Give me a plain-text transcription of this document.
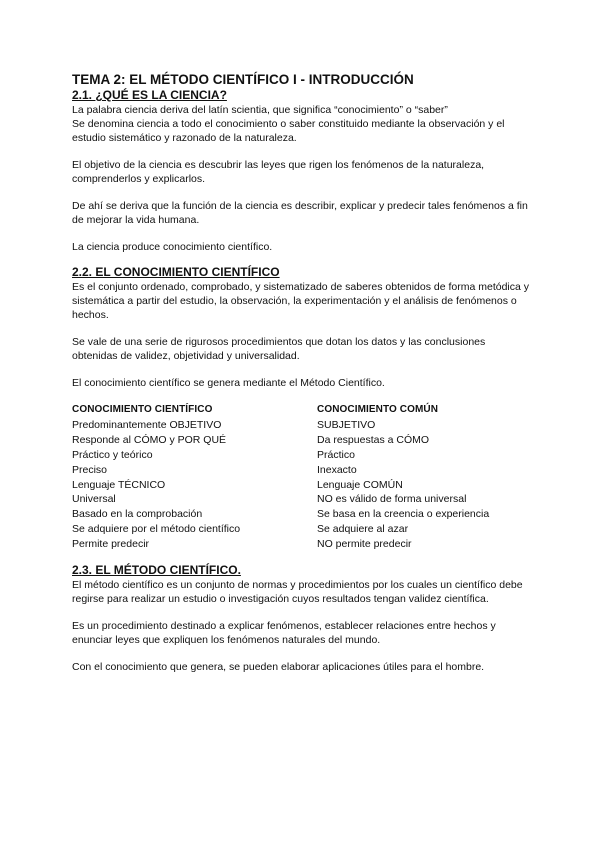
TEMA 2: EL MÉTODO CIENTÍFICO I - INTRODUCCIÓN
2.1. ¿QUÉ ES LA CIENCIA?

La palabra ciencia deriva del latín scientia, que significa “conocimiento” o “saber”

Se denomina ciencia a todo el conocimiento o saber constituido mediante la observación y el estudio sistemático y razonado de la naturaleza.

El objetivo de la ciencia es descubrir las leyes que rigen los fenómenos de la naturaleza, comprenderlos y explicarlos.

De ahí se deriva que la función de la ciencia es describir, explicar y predecir tales fenómenos a fin de mejorar la vida humana.

La ciencia produce conocimiento científico.

2.2. EL CONOCIMIENTO CIENTÍFICO

Es el conjunto ordenado, comprobado, y sistematizado de saberes obtenidos de forma metódica y sistemática a partir del estudio, la observación, la experimentación y el análisis de fenómenos o hechos.

Se vale de una serie de rigurosos procedimientos que dotan los datos y las conclusiones obtenidas de validez, objetividad y universalidad.

El conocimiento científico se genera mediante el Método Científico.

CONOCIMIENTO CIENTÍFICO
Predominantemente OBJETIVO
Responde al CÓMO y POR QUÉ
Práctico y teórico
Preciso
Lenguaje TÉCNICO
Universal
Basado en la comprobación
Se adquiere por el método científico
Permite predecir
CONOCIMIENTO COMÚN
SUBJETIVO
Da respuestas a CÓMO
Práctico
Inexacto
Lenguaje COMÚN
NO es válido de forma universal
Se basa en la creencia o experiencia
Se adquiere al azar
NO permite predecir
2.3. EL MÉTODO CIENTÍFICO.

El método científico es un conjunto de normas y procedimientos por los cuales un científico debe regirse para realizar un estudio o investigación cuyos resultados tengan validez científica.

Es un procedimiento destinado a explicar fenómenos, establecer relaciones entre hechos y enunciar leyes que expliquen los fenómenos naturales del mundo.

Con el conocimiento que genera, se pueden elaborar aplicaciones útiles para el hombre.
